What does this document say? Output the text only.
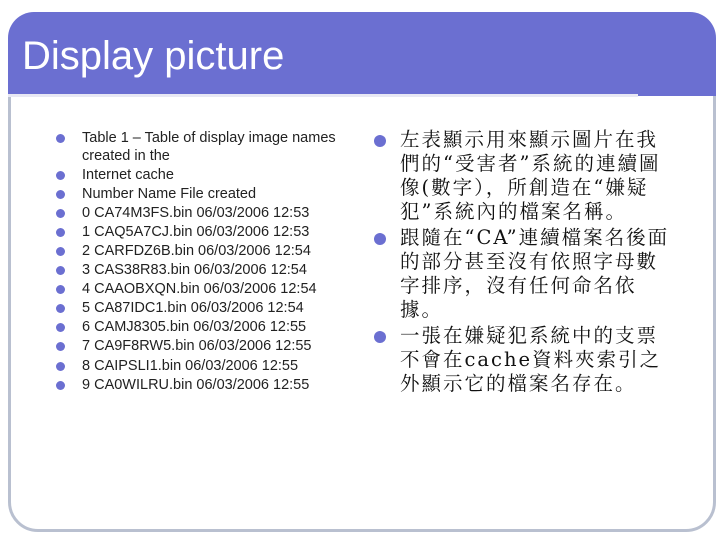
Display picture
Table 1 – Table of display image names created in the
Internet cache
Number Name File created
0 CA74M3FS.bin 06/03/2006 12:53
1 CAQ5A7CJ.bin 06/03/2006 12:53
2 CARFDZ6B.bin 06/03/2006 12:54
3 CAS38R83.bin 06/03/2006 12:54
4 CAAOBXQN.bin 06/03/2006 12:54
5 CA87IDC1.bin 06/03/2006 12:54
6 CAMJ8305.bin 06/03/2006 12:55
7 CA9F8RW5.bin 06/03/2006 12:55
8 CAIPSLI1.bin 06/03/2006 12:55
9 CA0WILRU.bin 06/03/2006 12:55
左表顯示用來顯示圖片在我們的“受害者”系統的連續圖像(數字），所創造在“嫌疑犯”系統內的檔案名稱。
跟隨在“CA”連續檔案名後面的部分甚至沒有依照字母數字排序，沒有任何命名依據。
一張在嫌疑犯系統中的支票不會在cache資料夾索引之外顯示它的檔案名存在。
